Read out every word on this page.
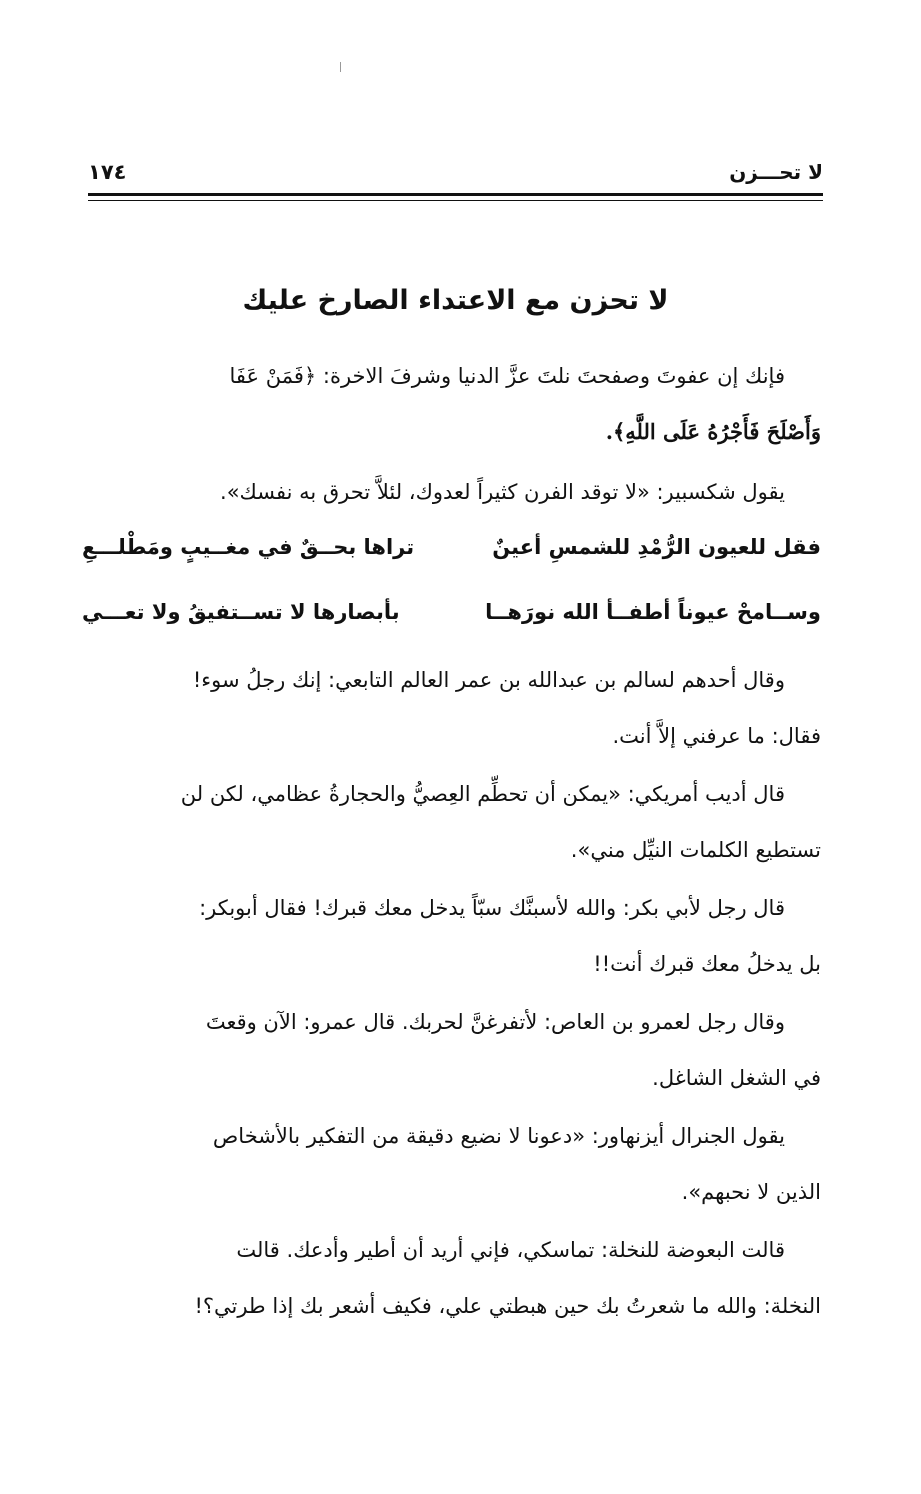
لا تحـــزن
١٧٤
لا تحزن مع الاعتداء الصارخ عليك
فإنك إن عفوتَ وصفحتَ نلتَ عزَّ الدنيا وشرفَ الاخرة: ﴿فَمَنْ عَفَا
وَأَصْلَحَ فَأَجْرُهُ عَلَى اللَّهِ﴾.
يقول شكسبير: «لا توقد الفرن كثيراً لعدوك، لئلاَّ تحرق به نفسك».
فقل للعيون الرُّمْدِ للشمسِ أعينٌ
تراها بحــقٌ في مغــيبٍ ومَطْلـــعِ
وســامحْ عيوناً أطفــأ الله نورَهــا
بأبصارها لا تســتفيقُ ولا تعـــي
وقال أحدهم لسالم بن عبدالله بن عمر العالم التابعي: إنك رجلُ سوء!
فقال: ما عرفني إلاَّ أنت.
قال أديب أمريكي: «يمكن أن تحطِّم العِصيُّ والحجارةُ عظامي، لكن لن
تستطيع الكلمات النيِّل مني».
قال رجل لأبي بكر: والله لأسبنَّك سبّاً يدخل معك قبرك! فقال أبوبكر:
بل يدخلُ معك قبرك أنت!!
وقال رجل لعمرو بن العاص: لأتفرغنَّ لحربك. قال عمرو: الآن وقعتَ
في الشغل الشاغل.
يقول الجنرال أيزنهاور: «دعونا لا نضيع دقيقة من التفكير بالأشخاص
الذين لا نحبهم».
قالت البعوضة للنخلة: تماسكي، فإني أريد أن أطير وأدعك. قالت
النخلة: والله ما شعرتُ بك حين هبطتي علي، فكيف أشعر بك إذا طرتي؟!
